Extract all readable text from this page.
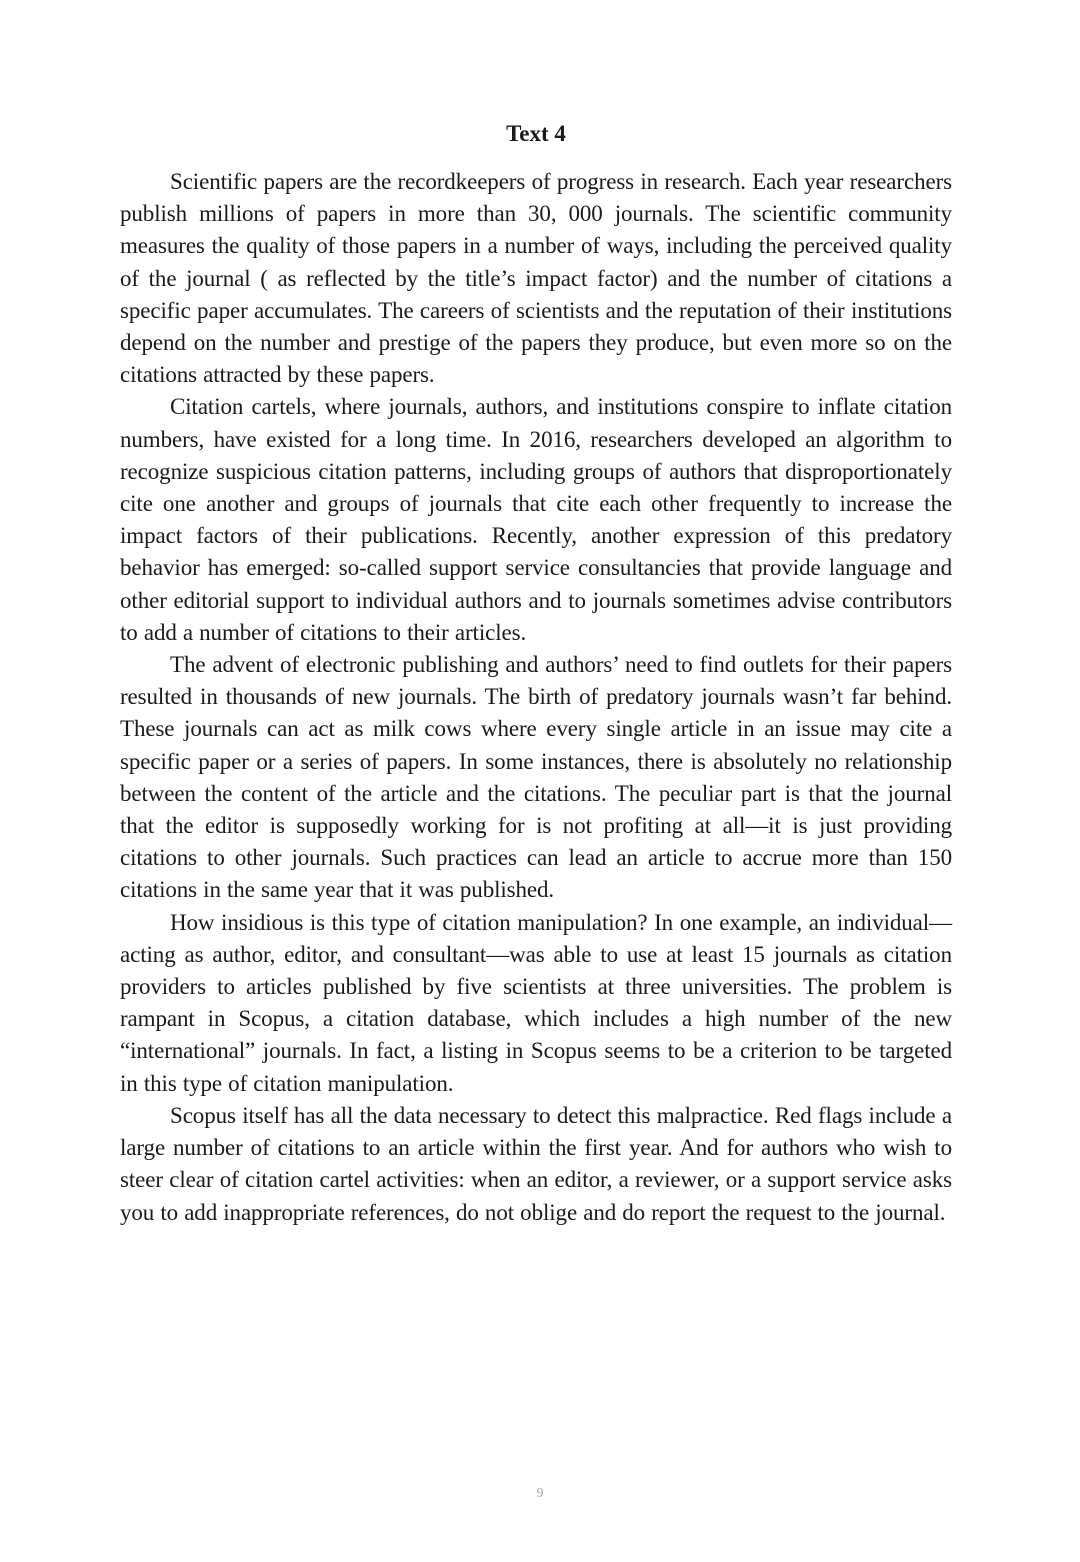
Text 4

Scientific papers are the recordkeepers of progress in research. Each year researchers publish millions of papers in more than 30, 000 journals. The scientific community measures the quality of those papers in a number of ways, including the perceived quality of the journal ( as reflected by the title’s impact factor) and the number of citations a specific paper accumulates. The careers of scientists and the reputation of their institutions depend on the number and prestige of the papers they produce, but even more so on the citations attracted by these papers.

Citation cartels, where journals, authors, and institutions conspire to inflate citation numbers, have existed for a long time. In 2016, researchers developed an algorithm to recognize suspicious citation patterns, including groups of authors that disproportionately cite one another and groups of journals that cite each other frequently to increase the impact factors of their publications. Recently, another expression of this predatory behavior has emerged: so-called support service consultancies that provide language and other editorial support to individual authors and to journals sometimes advise contributors to add a number of citations to their articles.

The advent of electronic publishing and authors’ need to find outlets for their papers resulted in thousands of new journals. The birth of predatory journals wasn’t far behind. These journals can act as milk cows where every single article in an issue may cite a specific paper or a series of papers. In some instances, there is absolutely no relationship between the content of the article and the citations. The peculiar part is that the journal that the editor is supposedly working for is not profiting at all—it is just providing citations to other journals. Such practices can lead an article to accrue more than 150 citations in the same year that it was published.

How insidious is this type of citation manipulation? In one example, an individual—acting as author, editor, and consultant—was able to use at least 15 journals as citation providers to articles published by five scientists at three universities. The problem is rampant in Scopus, a citation database, which includes a high number of the new “international” journals. In fact, a listing in Scopus seems to be a criterion to be targeted in this type of citation manipulation.

Scopus itself has all the data necessary to detect this malpractice. Red flags include a large number of citations to an article within the first year. And for authors who wish to steer clear of citation cartel activities: when an editor, a reviewer, or a support service asks you to add inappropriate references, do not oblige and do report the request to the journal.

9
